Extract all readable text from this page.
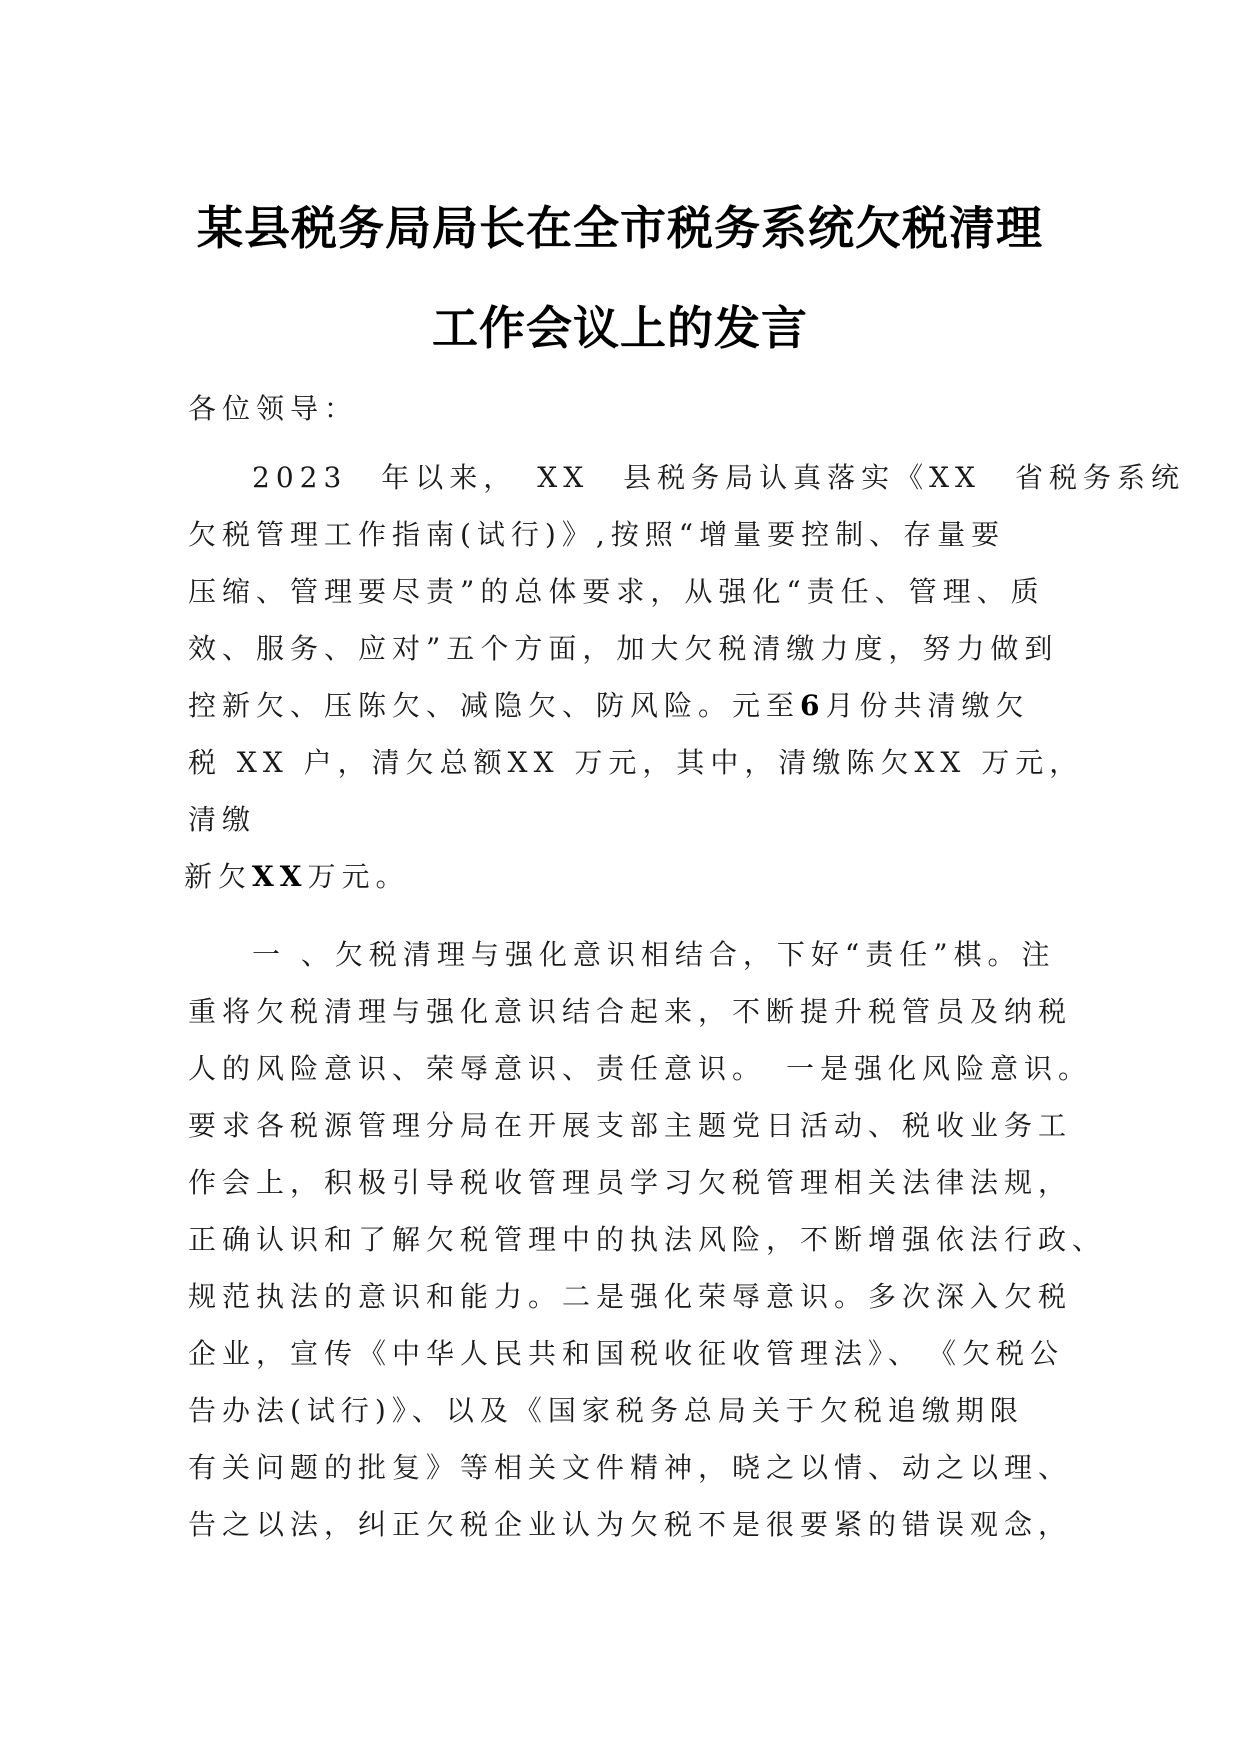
某县税务局局长在全市税务系统欠税清理
工作会议上的发言

各位领导：

2023　年以来，　XX　县税务局认真落实《XX　省税务系统
欠税管理工作指南(试行)》,按照“增量要控制、存量要
压缩、管理要尽责”的总体要求，从强化“责任、管理、质
效、服务、应对”五个方面，加大欠税清缴力度，努力做到
控新欠、压陈欠、减隐欠、防风险。元至6月份共清缴欠
税 XX 户，清欠总额XX 万元，其中，清缴陈欠XX 万元，
清缴

新欠XX万元。

一 、欠税清理与强化意识相结合，下好“责任”棋。注
重将欠税清理与强化意识结合起来，不断提升税管员及纳税
人的风险意识、荣辱意识、责任意识。　一是强化风险意识。
要求各税源管理分局在开展支部主题党日活动、税收业务工
作会上，积极引导税收管理员学习欠税管理相关法律法规，
正确认识和了解欠税管理中的执法风险，不断增强依法行政、
规范执法的意识和能力。二是强化荣辱意识。多次深入欠税
企业，宣传《中华人民共和国税收征收管理法》、　《欠税公
告办法(试行)》、以及《国家税务总局关于欠税追缴期限
有关问题的批复》等相关文件精神，晓之以情、动之以理、
告之以法，纠正欠税企业认为欠税不是很要紧的错误观念，
